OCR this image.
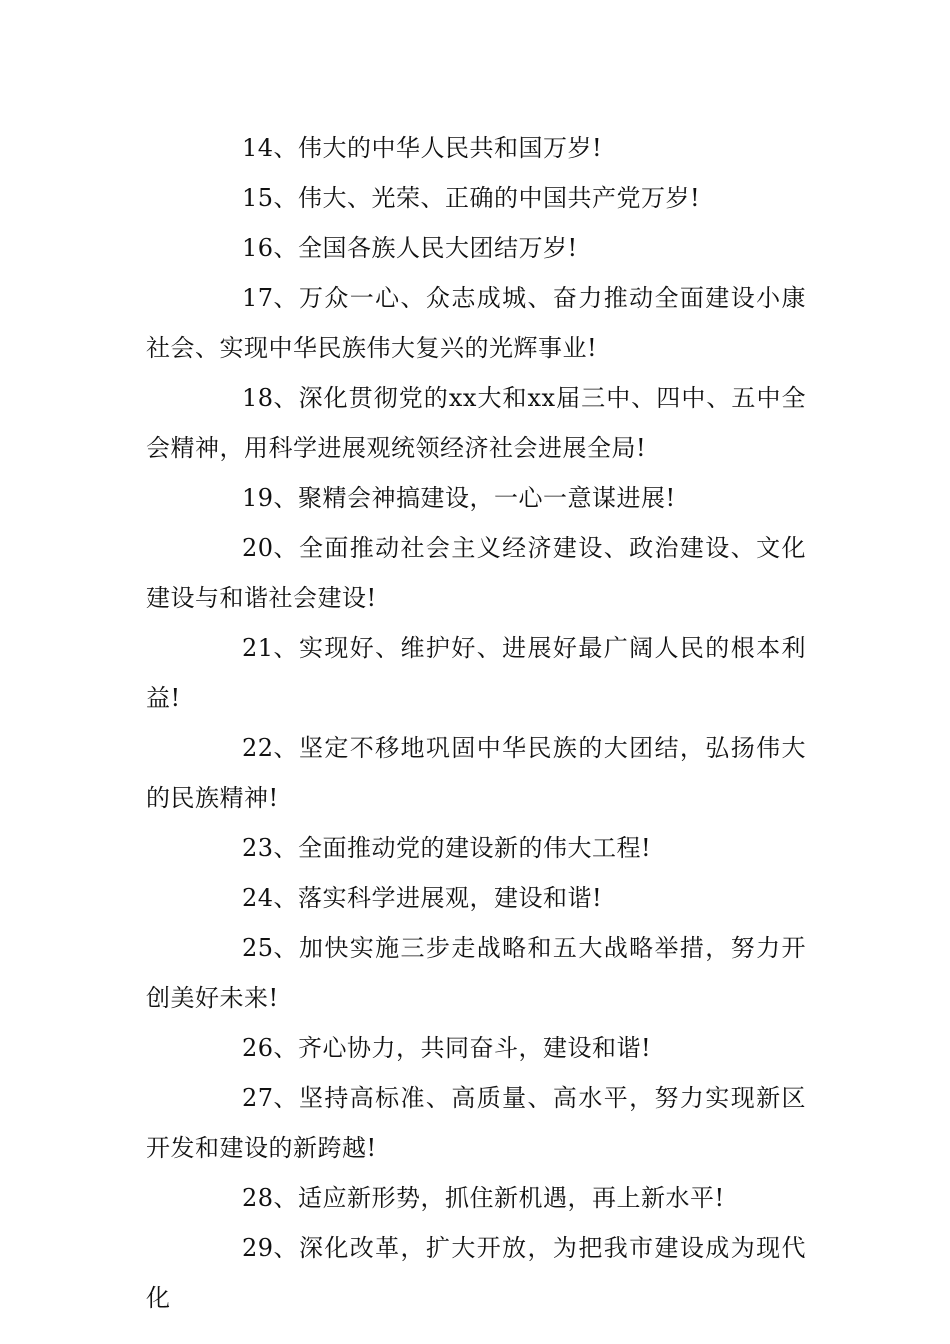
14、伟大的中华人民共和国万岁!

15、伟大、光荣、正确的中国共产党万岁!

16、全国各族人民大团结万岁!

17、万众一心、众志成城、奋力推动全面建设小康社会、实现中华民族伟大复兴的光辉事业!

18、深化贯彻党的xx大和xx届三中、四中、五中全会精神，用科学进展观统领经济社会进展全局!

19、聚精会神搞建设，一心一意谋进展!

20、全面推动社会主义经济建设、政治建设、文化建设与和谐社会建设!

21、实现好、维护好、进展好最广阔人民的根本利益!

22、坚定不移地巩固中华民族的大团结，弘扬伟大的民族精神!

23、全面推动党的建设新的伟大工程!

24、落实科学进展观，建设和谐!

25、加快实施三步走战略和五大战略举措，努力开创美好未来!

26、齐心协力，共同奋斗，建设和谐!

27、坚持高标准、高质量、高水平，努力实现新区开发和建设的新跨越!

28、适应新形势，抓住新机遇，再上新水平!

29、深化改革，扩大开放，为把我市建设成为现代化
